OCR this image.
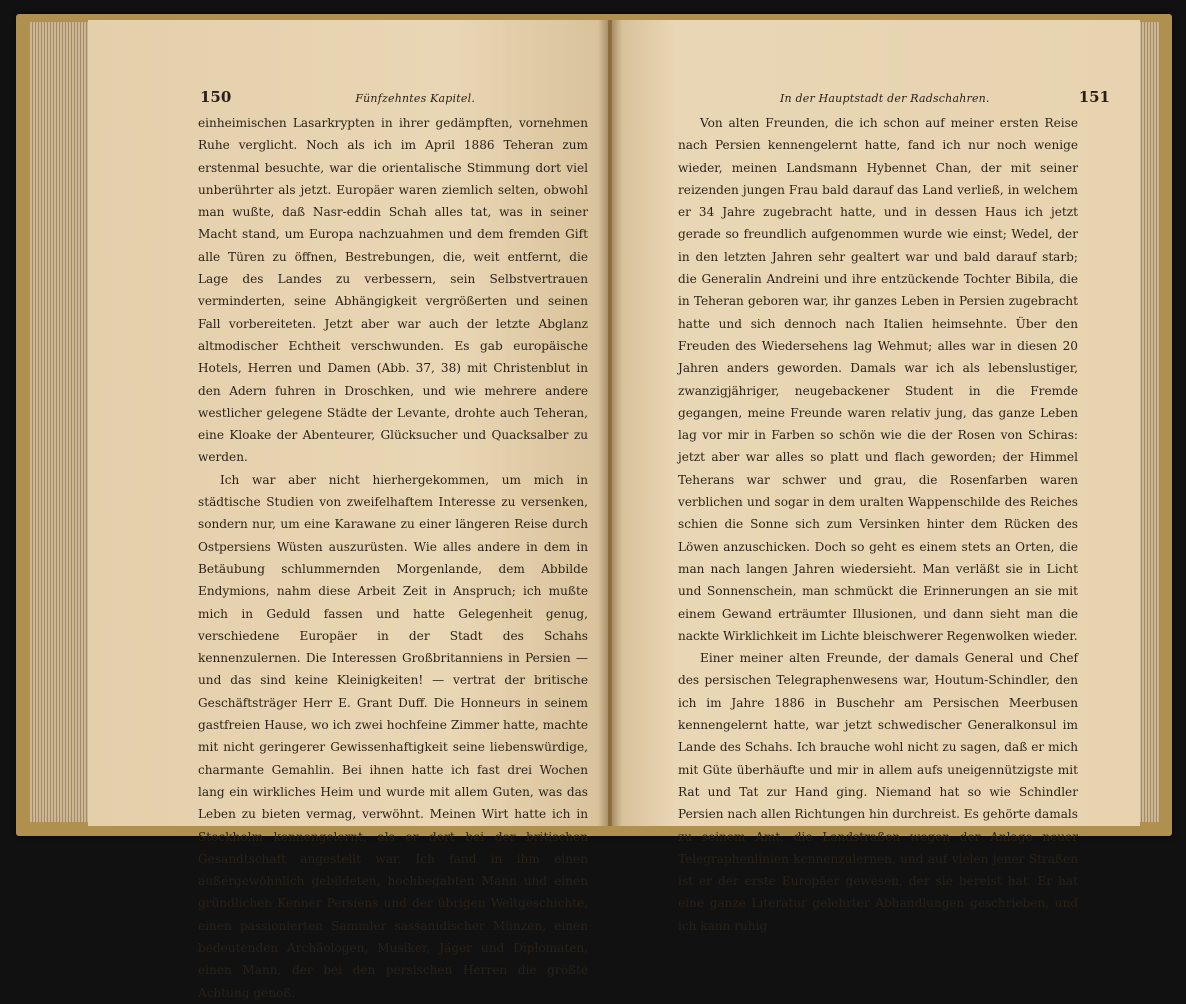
150	Fünfzehntes Kapitel.

einheimischen Lasarkrypten in ihrer gedämpften, vornehmen Ruhe verglicht. Noch als ich im April 1886 Teheran zum erstenmal besuchte, war die orientalische Stimmung dort viel unberührter als jetzt. Europäer waren ziemlich selten, obwohl man wußte, daß Nasr-eddin Schah alles tat, was in seiner Macht stand, um Europa nachzuahmen und dem fremden Gift alle Türen zu öffnen, Bestrebungen, die, weit entfernt, die Lage des Landes zu verbessern, sein Selbstvertrauen verminderten, seine Abhängigkeit vergrößerten und seinen Fall vorbereiteten. Jetzt aber war auch der letzte Abglanz altmodischer Echtheit verschwunden. Es gab europäische Hotels, Herren und Damen (Abb. 37, 38) mit Christenblut in den Adern fuhren in Droschken, und wie mehrere andere westlicher gelegene Städte der Levante, drohte auch Teheran, eine Kloake der Abenteurer, Glücksucher und Quacksalber zu werden.

Ich war aber nicht hierhergekommen, um mich in städtische Studien von zweifelhaftem Interesse zu versenken, sondern nur, um eine Karawane zu einer längeren Reise durch Ostpersiens Wüsten auszurüsten. Wie alles andere in dem in Betäubung schlummernden Morgenlande, dem Abbilde Endymions, nahm diese Arbeit Zeit in Anspruch; ich mußte mich in Geduld fassen und hatte Gelegenheit genug, verschiedene Europäer in der Stadt des Schahs kennenzulernen. Die Interessen Großbritanniens in Persien — und das sind keine Kleinigkeiten! — vertrat der britische Geschäftsträger Herr E. Grant Duff. Die Honneurs in seinem gastfreien Hause, wo ich zwei hochfeine Zimmer hatte, machte mit nicht geringerer Gewissenhaftigkeit seine liebenswürdige, charmante Gemahlin. Bei ihnen hatte ich fast drei Wochen lang ein wirkliches Heim und wurde mit allem Guten, was das Leben zu bieten vermag, verwöhnt. Meinen Wirt hatte ich in Stockholm kennengelernt, als er dort bei der britischen Gesandtschaft angestellt war. Ich fand in ihm einen außergewöhnlich gebildeten, hochbegabten Mann und einen gründlichen Kenner Persiens und der übrigen Weltgeschichte, einen passionierten Sammler sassanidischer Münzen, einen bedeutenden Archäologen, Musiker, Jäger und Diplomaten, einen Mann, der bei den persischen Herren die größte Achtung genoß.

In der Hauptstadt der Radschahren.	151

Von alten Freunden, die ich schon auf meiner ersten Reise nach Persien kennengelernt hatte, fand ich nur noch wenige wieder, meinen Landsmann Hybennet Chan, der mit seiner reizenden jungen Frau bald darauf das Land verließ, in welchem er 34 Jahre zugebracht hatte, und in dessen Haus ich jetzt gerade so freundlich aufgenommen wurde wie einst; Wedel, der in den letzten Jahren sehr gealtert war und bald darauf starb; die Generalin Andreini und ihre entzückende Tochter Bibila, die in Teheran geboren war, ihr ganzes Leben in Persien zugebracht hatte und sich dennoch nach Italien heimsehnte. Über den Freuden des Wiedersehens lag Wehmut; alles war in diesen 20 Jahren anders geworden. Damals war ich als lebenslustiger, zwanzigjähriger, neugebackener Student in die Fremde gegangen, meine Freunde waren relativ jung, das ganze Leben lag vor mir in Farben so schön wie die der Rosen von Schiras: jetzt aber war alles so platt und flach geworden; der Himmel Teherans war schwer und grau, die Rosenfarben waren verblichen und sogar in dem uralten Wappenschilde des Reiches schien die Sonne sich zum Versinken hinter dem Rücken des Löwen anzuschicken. Doch so geht es einem stets an Orten, die man nach langen Jahren wiedersieht. Man verläßt sie in Licht und Sonnenschein, man schmückt die Erinnerungen an sie mit einem Gewand erträumter Illusionen, und dann sieht man die nackte Wirklichkeit im Lichte bleischwerer Regenwolken wieder.

Einer meiner alten Freunde, der damals General und Chef des persischen Telegraphenwesens war, Houtum-Schindler, den ich im Jahre 1886 in Buschehr am Persischen Meerbusen kennengelernt hatte, war jetzt schwedischer Generalkonsul im Lande des Schahs. Ich brauche wohl nicht zu sagen, daß er mich mit Güte überhäufte und mir in allem aufs uneigennützigste mit Rat und Tat zur Hand ging. Niemand hat so wie Schindler Persien nach allen Richtungen hin durchreist. Es gehörte damals zu seinem Amt, die Landstraßen wegen der Anlage neuer Telegraphenlinien kennenzulernen, und auf vielen jener Straßen ist er der erste Europäer gewesen, der sie bereist hat. Er hat eine ganze Literatur gelehrter Abhandlungen geschrieben, und ich kann ruhig
